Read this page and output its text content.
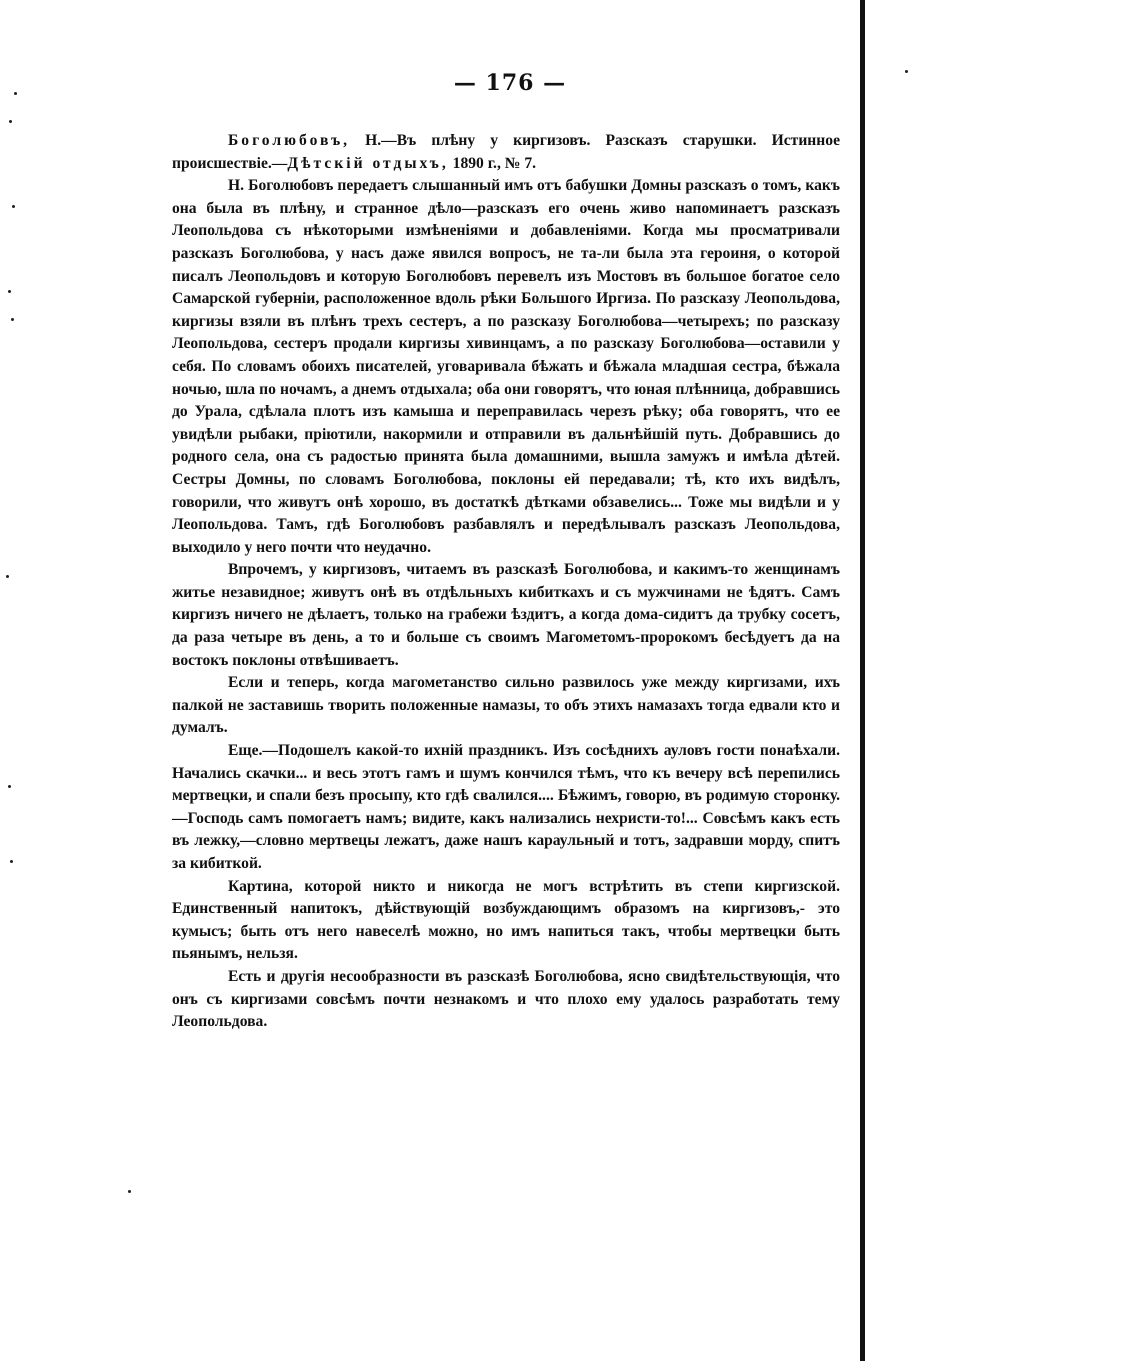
— 176 —

Боголюбовъ, Н.—Въ плѣну у киргизовъ. Разсказъ старушки. Истинное происшествіе.—Дѣтскій отдыхъ, 1890 г., № 7.

Н. Боголюбовъ передаетъ слышанный имъ отъ бабушки Домны разсказъ о томъ, какъ она была въ плѣну, и странное дѣло—разсказъ его очень живо напоминаетъ разсказъ Леопольдова съ нѣкоторыми измѣненіями и добавленіями. Когда мы просматривали разсказъ Боголюбова, у насъ даже явился вопросъ, не та-ли была эта героиня, о которой писалъ Леопольдовъ и которую Боголюбовъ перевелъ изъ Мостовъ въ большое богатое село Самарской губерніи, расположенное вдоль рѣки Большого Иргиза. По разсказу Леопольдова, киргизы взяли въ плѣнъ трехъ сестеръ, а по разсказу Боголюбова—четырехъ; по разсказу Леопольдова, сестеръ продали киргизы хивинцамъ, а по разсказу Боголюбова—оставили у себя. По словамъ обоихъ писателей, уговаривала бѣжать и бѣжала младшая сестра, бѣжала ночью, шла по ночамъ, а днемъ отдыхала; оба они говорятъ, что юная плѣнница, добравшись до Урала, сдѣлала плотъ изъ камыша и переправилась черезъ рѣку; оба говорятъ, что ее увидѣли рыбаки, пріютили, накормили и отправили въ дальнѣйшій путь. Добравшись до родного села, она съ радостью принята была домашними, вышла замужъ и имѣла дѣтей. Сестры Домны, по словамъ Боголюбова, поклоны ей передавали; тѣ, кто ихъ видѣлъ, говорили, что живутъ онѣ хорошо, въ достаткѣ дѣтками обзавелись... Тоже мы видѣли и у Леопольдова. Тамъ, гдѣ Боголюбовъ разбавлялъ и передѣлывалъ разсказъ Леопольдова, выходило у него почти что неудачно.

Впрочемъ, у киргизовъ, читаемъ въ разсказѣ Боголюбова, и какимъ-то женщинамъ житье незавидное; живутъ онѣ въ отдѣльныхъ кибиткахъ и съ мужчинами не ѣдятъ. Самъ киргизъ ничего не дѣлаетъ, только на грабежи ѣздитъ, а когда дома-сидитъ да трубку сосетъ, да раза четыре въ день, а то и больше съ своимъ Магометомъ-пророкомъ бесѣдуетъ да на востокъ поклоны отвѣшиваетъ.

Если и теперь, когда магометанство сильно развилось уже между киргизами, ихъ палкой не заставишь творить положенные намазы, то объ этихъ намазахъ тогда едвали кто и думалъ.

Еще.—Подошелъ какой-то ихній праздникъ. Изъ сосѣднихъ ауловъ гости понаѣхали. Начались скачки... и весь этотъ гамъ и шумъ кончился тѣмъ, что къ вечеру всѣ перепились мертвецки, и спали безъ просыпу, кто гдѣ свалился.... Бѣжимъ, говорю, въ родимую сторонку.—Господь самъ помогаетъ намъ; видите, какъ нализались нехристи-то!... Совсѣмъ какъ есть въ лежку,—словно мертвецы лежатъ, даже нашъ караульный и тотъ, задравши морду, спитъ за кибиткой.

Картина, которой никто и никогда не могъ встрѣтить въ степи киргизской. Единственный напитокъ, дѣйствующій возбуждающимъ образомъ на киргизовъ,- это кумысъ; быть отъ него навеселѣ можно, но имъ напиться такъ, чтобы мертвецки быть пьянымъ, нельзя.

Есть и другія несообразности въ разсказѣ Боголюбова, ясно свидѣтельствующія, что онъ съ киргизами совсѣмъ почти незнакомъ и что плохо ему удалось разработать тему Леопольдова.
